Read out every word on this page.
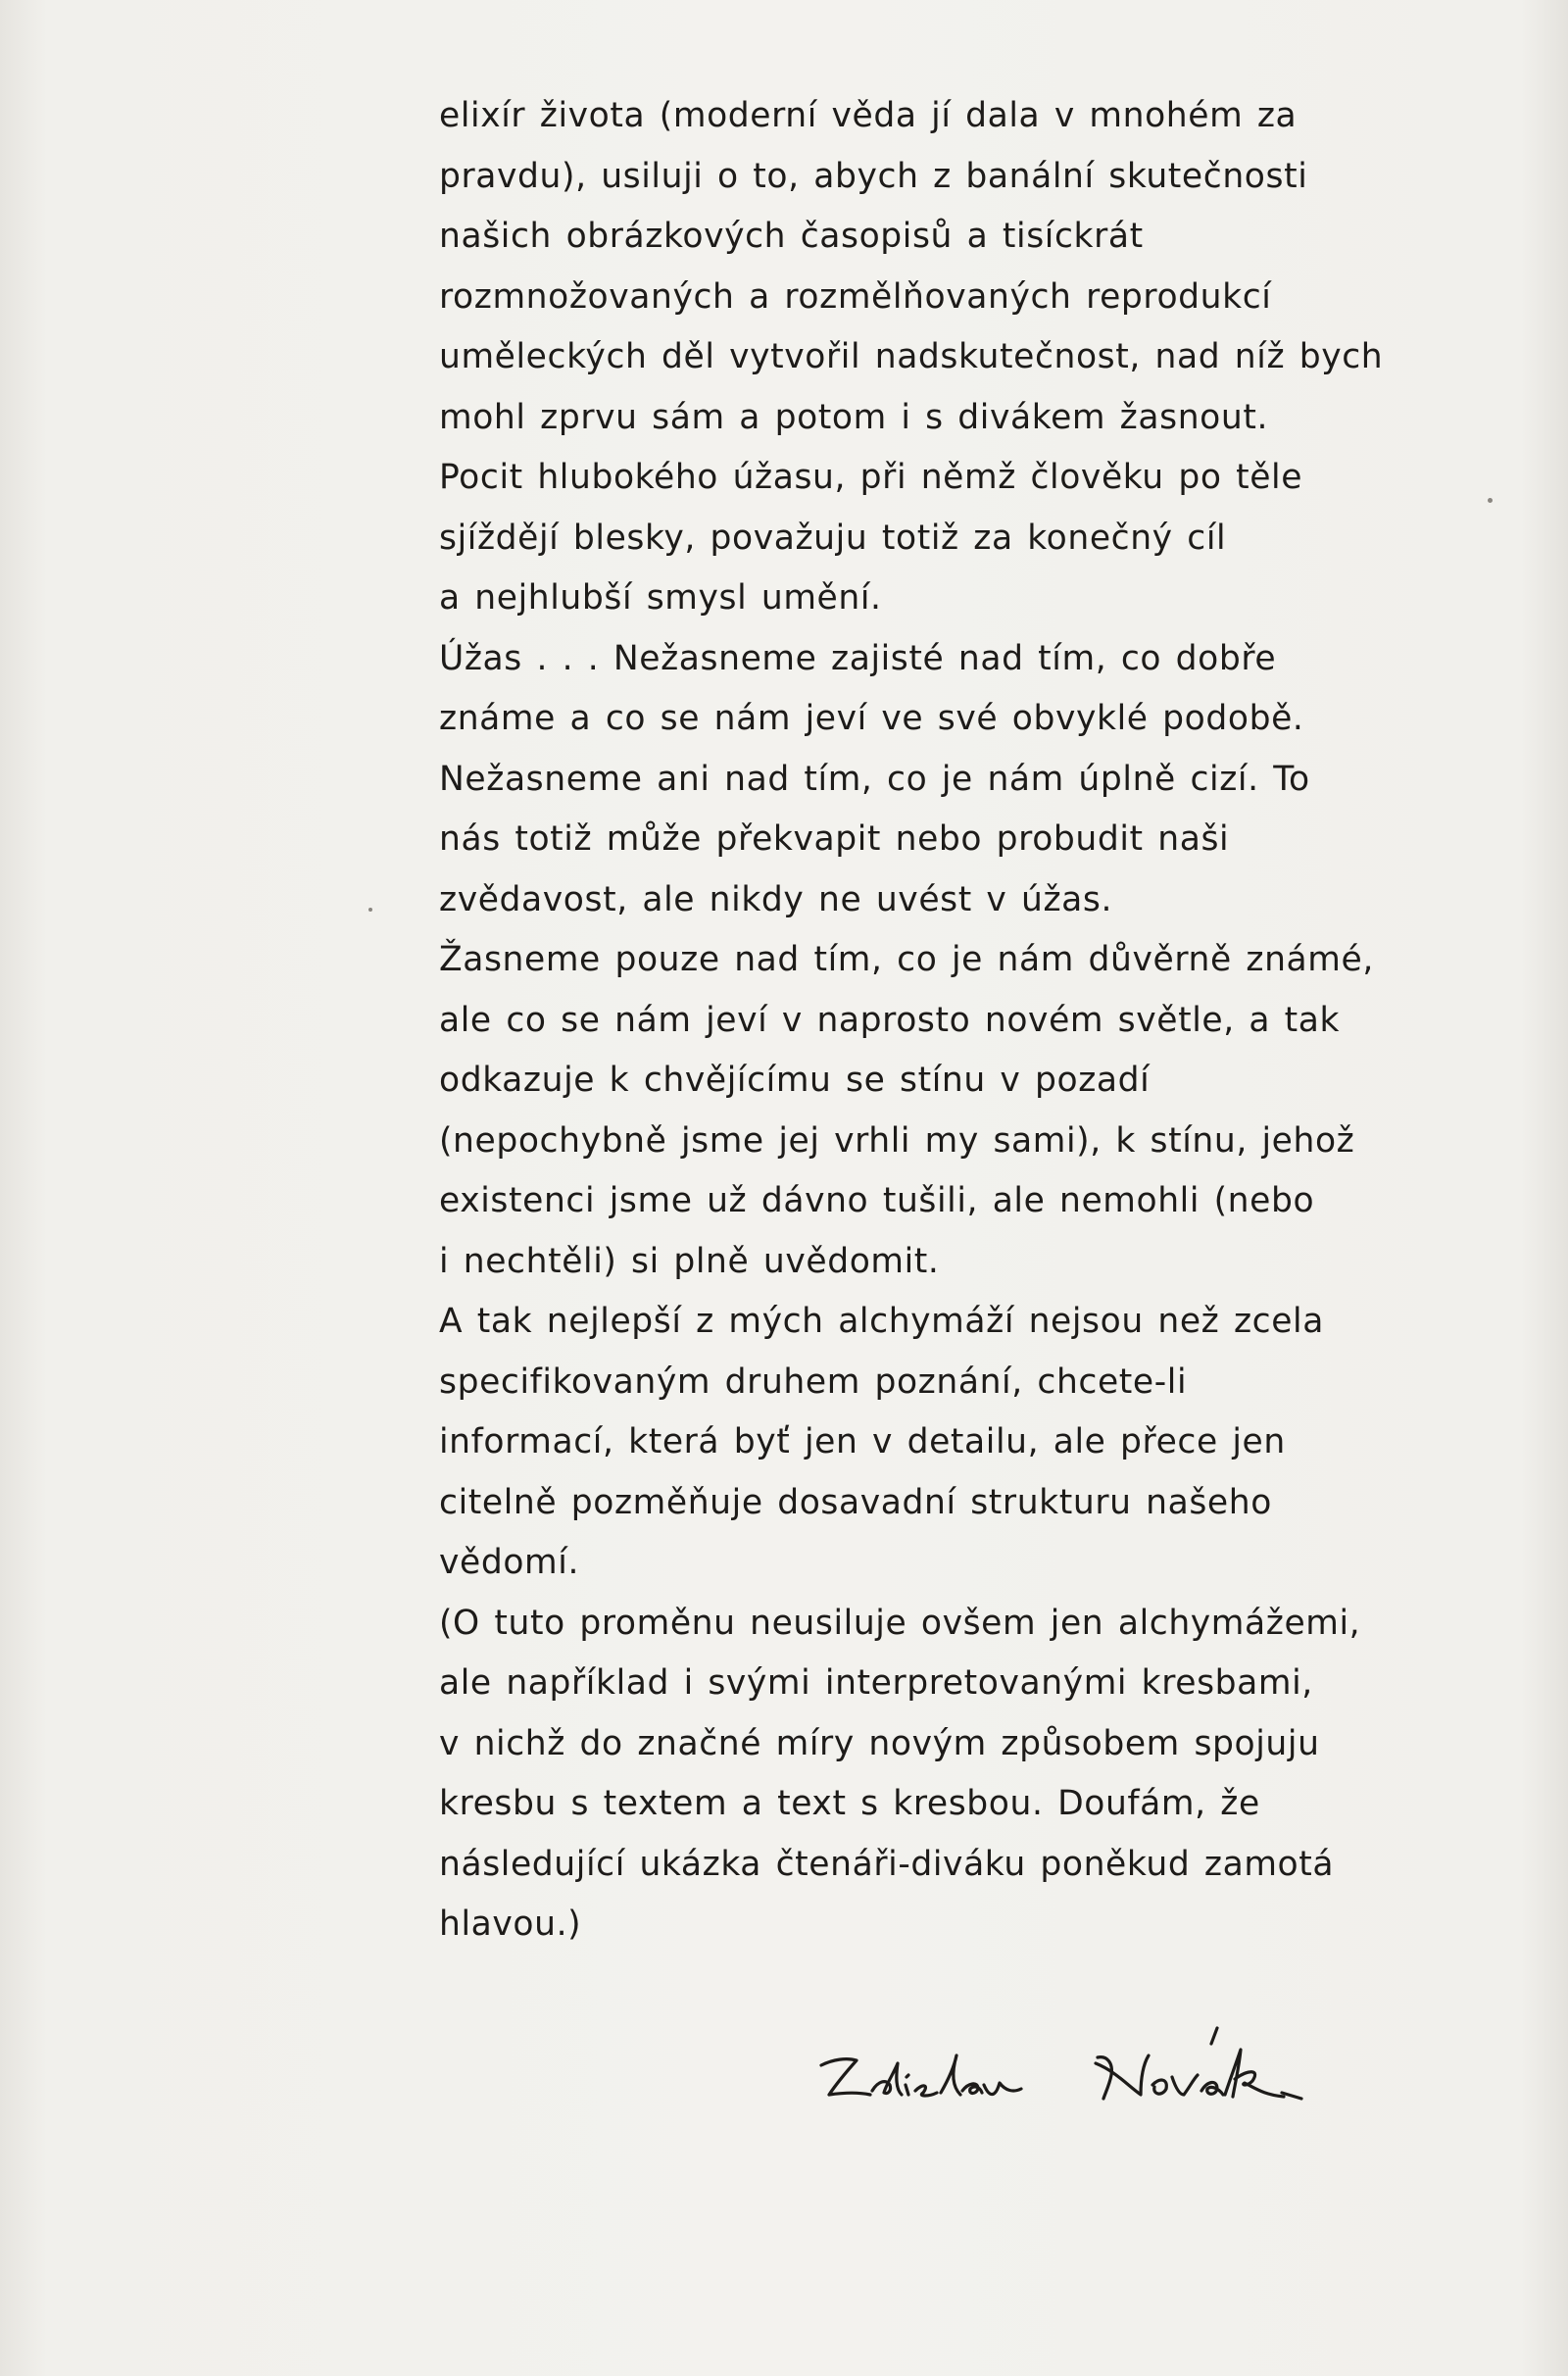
elixír života (moderní věda jí dala v mnohém za
pravdu), usiluji o to, abych z banální skutečnosti
našich obrázkových časopisů a tisíckrát
rozmnožovaných a rozmělňovaných reprodukcí
uměleckých děl vytvořil nadskutečnost, nad níž bych
mohl zprvu sám a potom i s divákem žasnout.
Pocit hlubokého úžasu, při němž člověku po těle
sjíždějí blesky, považuju totiž za konečný cíl
a nejhlubší smysl umění.
Úžas . . . Nežasneme zajisté nad tím, co dobře
známe a co se nám jeví ve své obvyklé podobě.
Nežasneme ani nad tím, co je nám úplně cizí. To
nás totiž může překvapit nebo probudit naši
zvědavost, ale nikdy ne uvést v úžas.
Žasneme pouze nad tím, co je nám důvěrně známé,
ale co se nám jeví v naprosto novém světle, a tak
odkazuje k chvějícímu se stínu v pozadí
(nepochybně jsme jej vrhli my sami), k stínu, jehož
existenci jsme už dávno tušili, ale nemohli (nebo
i nechtěli) si plně uvědomit.
A tak nejlepší z mých alchymáží nejsou než zcela
specifikovaným druhem poznání, chcete-li
informací, která byť jen v detailu, ale přece jen
citelně pozměňuje dosavadní strukturu našeho
vědomí.
(O tuto proměnu neusiluje ovšem jen alchymážemi,
ale například i svými interpretovanými kresbami,
v nichž do značné míry novým způsobem spojuju
kresbu s textem a text s kresbou. Doufám, že
následující ukázka čtenáři-diváku poněkud zamotá
hlavou.)
